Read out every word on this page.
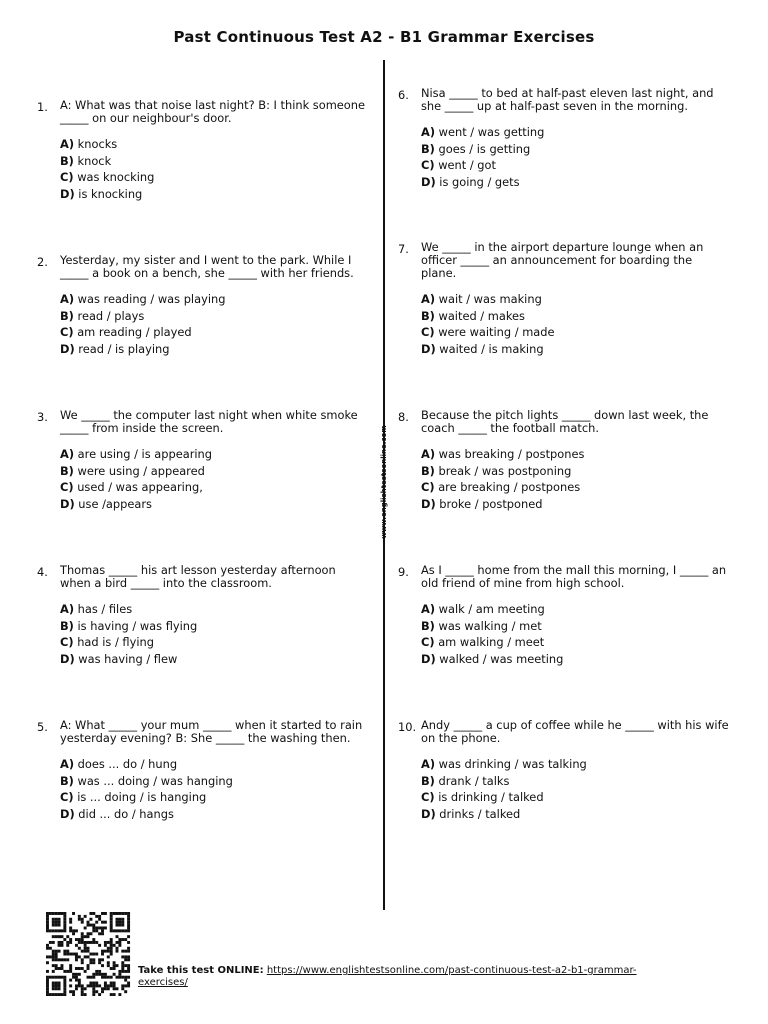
Past Continuous Test A2 - B1 Grammar Exercises
www.englishtestsonline.com
1. A: What was that noise last night? B: I think someone
_____ on our neighbour's door.
A) knocks
B) knock
C) was knocking
D) is knocking
2. Yesterday, my sister and I went to the park. While I
_____ a book on a bench, she _____ with her friends.
A) was reading / was playing
B) read / plays
C) am reading / played
D) read / is playing
3. We _____ the computer last night when white smoke
_____ from inside the screen.
A) are using / is appearing
B) were using / appeared
C) used / was appearing,
D) use /appears
4. Thomas _____ his art lesson yesterday afternoon
when a bird _____ into the classroom.
A) has / files
B) is having / was flying
C) had is / flying
D) was having / flew
5. A: What _____ your mum _____ when it started to rain
yesterday evening? B: She _____ the washing then.
A) does ... do / hung
B) was ... doing / was hanging
C) is ... doing / is hanging
D) did ... do / hangs
6. Nisa _____ to bed at half-past eleven last night, and
she _____ up at half-past seven in the morning.
A) went / was getting
B) goes / is getting
C) went / got
D) is going / gets
7. We _____ in the airport departure lounge when an
officer _____ an announcement for boarding the
plane.
A) wait / was making
B) waited / makes
C) were waiting / made
D) waited / is making
8. Because the pitch lights _____ down last week, the
coach _____ the football match.
A) was breaking / postpones
B) break / was postponing
C) are breaking / postpones
D) broke / postponed
9. As I _____ home from the mall this morning, I _____ an
old friend of mine from high school.
A) walk / am meeting
B) was walking / met
C) am walking / meet
D) walked / was meeting
10. Andy _____ a cup of coffee while he _____ with his wife
on the phone.
A) was drinking / was talking
B) drank / talks
C) is drinking / talked
D) drinks / talked
Take this test ONLINE: https://www.englishtestsonline.com/past-continuous-test-a2-b1-grammar-
exercises/
